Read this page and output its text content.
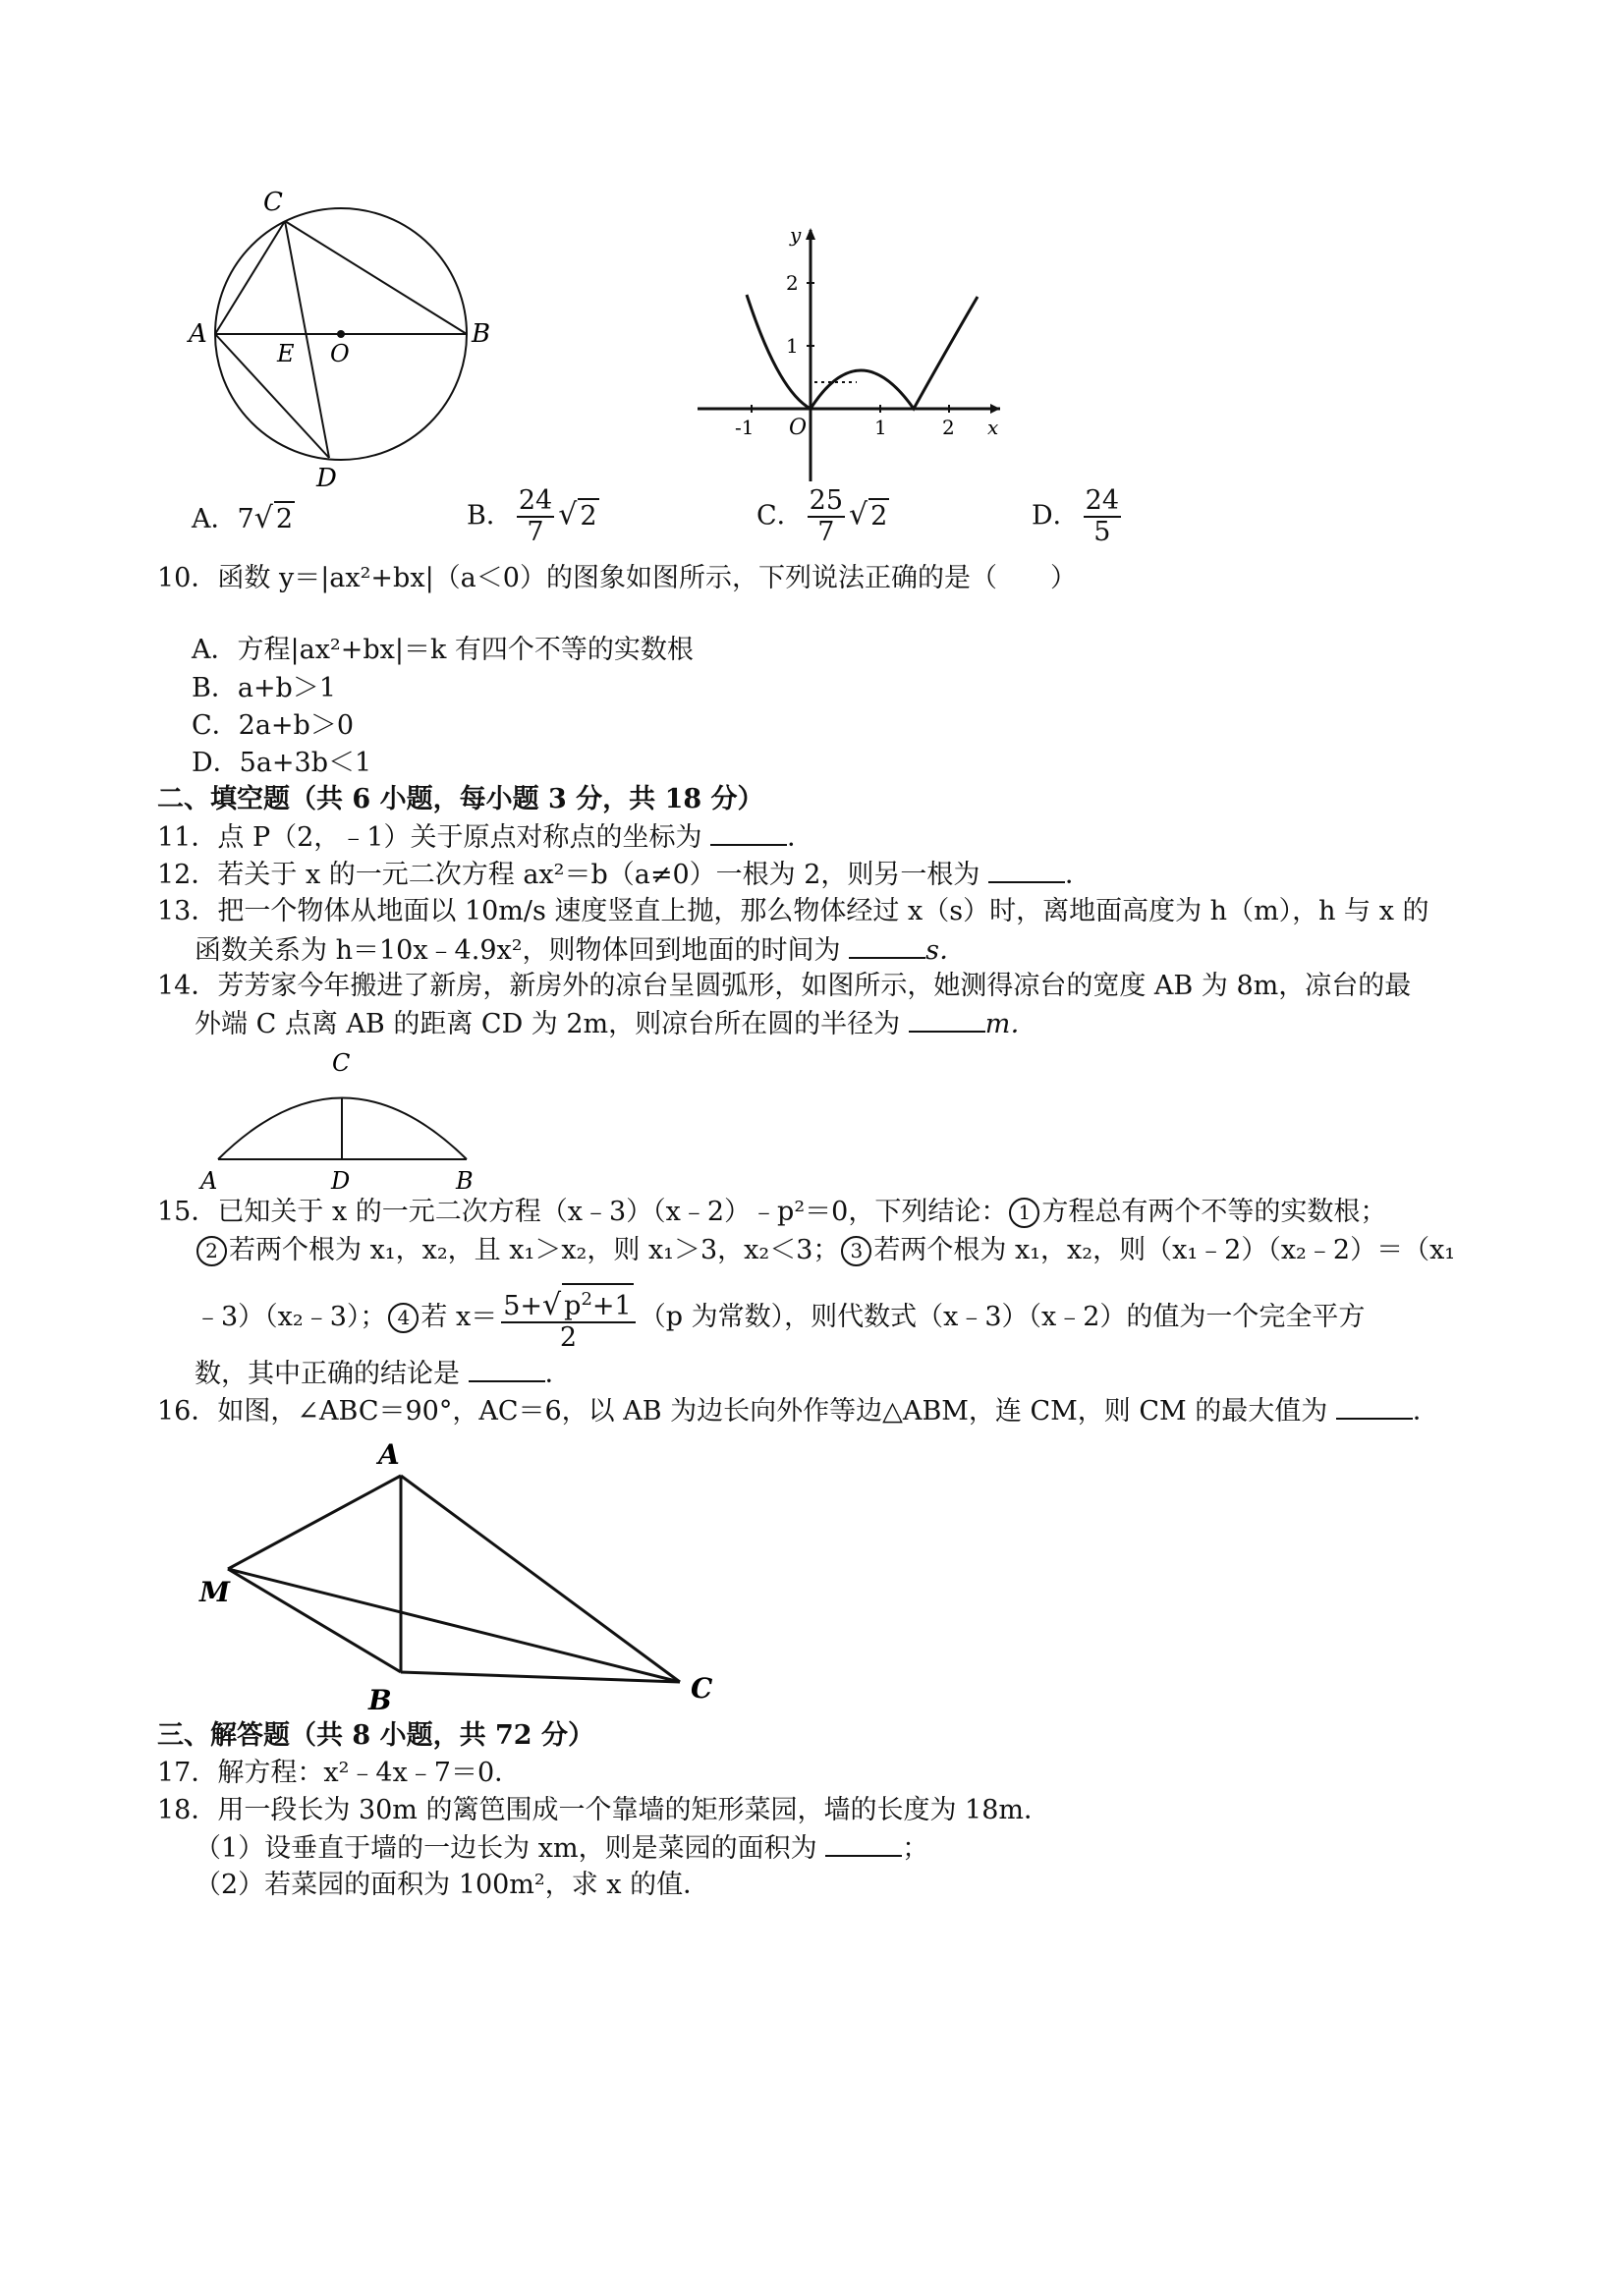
C
A	B
E O
D
y
2
1
-1 O	1	2 x
A．7√ 2	B． $\frac{24}{7}$ √ 2	C． $\frac{25}{7}$ √ 2	D． $\frac{24}{5}$
10．函数 y＝|ax²+bx|（a＜0）的图象如图所示，下列说法正确的是（　　）
A．方程|ax²+bx|＝k 有四个不等的实数根
B．a+b＞1
C．2a+b＞0
D．5a+3b＜1
二、填空题（共 6 小题，每小题 3 分，共 18 分）
11．点 P（2，﹣1）关于原点对称点的坐标为	．
12．若关于 x 的一元二次方程 ax²＝b（a≠0）一根为 2，则另一根为	．
13．把一个物体从地面以 10m/s 速度竖直上抛，那么物体经过 x（s）时，离地面高度为 h（m），h 与 x 的
函数关系为 h＝10x﹣4.9x²，则物体回到地面的时间为	s．
14．芳芳家今年搬进了新房，新房外的凉台呈圆弧形，如图所示，她测得凉台的宽度 AB 为 8m，凉台的最
外端 C 点离 AB 的距离 CD 为 2m，则凉台所在圆的半径为	m．
C
A	D	B
15．已知关于 x 的一元二次方程（x﹣3）（x﹣2）﹣p²＝0，下列结论： 1 方程总有两个不等的实数根；
2 若两个根为 x₁，x₂，且 x₁＞x₂，则 x₁＞3，x₂＜3； 3 若两个根为 x₁，x₂，则（x₁﹣2）（x₂﹣2）＝（x₁
﹣3）（x₂﹣3）； 4 若 $x= \frac{5+√ p^2+1}{2} (p$ 为常数），则代数式（x﹣3）（x﹣2）的值为一个完全平方
数，其中正确的结论是	．
16．如图，∠ABC＝90°，AC＝6，以 AB 为边长向外作等边△ABM，连 CM，则 CM 的最大值为	．
A
M
B	C
三、解答题（共 8 小题，共 72 分）
17．解方程：x²﹣4x﹣7＝0．
18．用一段长为 30m 的篱笆围成一个靠墙的矩形菜园，墙的长度为 18m．
（1）设垂直于墙的一边长为 xm，则是菜园的面积为	；
（2）若菜园的面积为 100m²，求 x 的值．
